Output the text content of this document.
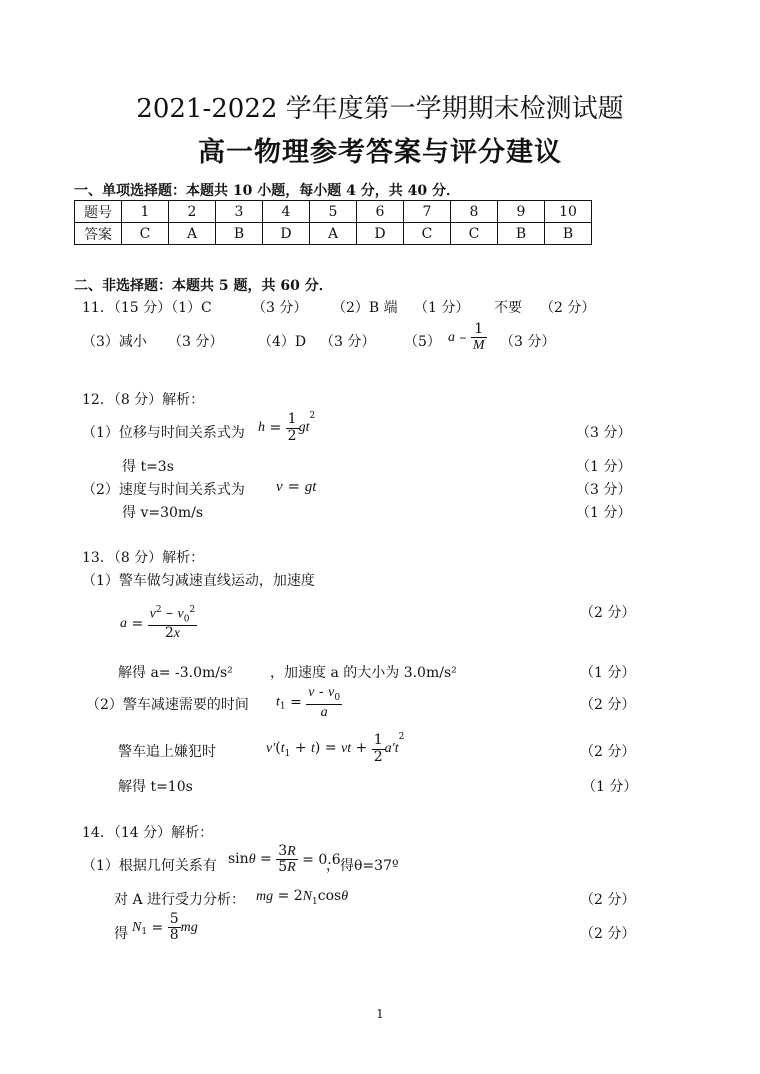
2021-2022 学年度第一学期期末检测试题
高一物理参考答案与评分建议
一、单项选择题：本题共 10 小题，每小题 4 分，共 40 分．
题号	1	2	3	4	5	6	7	8	9	10
答案	C	A	B	D	A	D	C	C	B	B
二、非选择题：本题共 5 题，共 60 分．
11．（15 分）（1）C	（3 分） （2）B 端 （1 分） 不要 （2 分）
（3）减小 （3 分） （4）D （3 分） （5） a – $\frac{1}{M} (3$ 分）
12．（8 分）解析：
（1）位移与时间关系式为 $h = \frac{1}{2} gt^2$
（3 分）
得 t=3s	（1 分）
（2）速度与时间关系式为 v = gt	（3 分）
得 v=30m/s	（1 分）
13．（8 分）解析：
（1）警车做匀减速直线运动，加速度
$a = \frac{v^2 - v_0^2}{2x}$	（2 分）
解得 a= -3.0m/s²	，加速度 a 的大小为 3.0m/s²	（1 分）
（2）警车减速需要的时间 $t_1 = \frac{v - v_0}{a}$	（2 分）
警车追上嫌犯时	$v'(t_1 + t)$ = vt + $\frac{1}{2} a't^2$
（2 分）
解得 t=10s	（1 分）
14．（14 分）解析：
（1）根据几何关系有 $\sin\theta = \frac{3R}{5R} = 0.6$
，得θ=37º
对 A 进行受力分析： mg = $2N_1\cos\theta$	（2 分）
得 $N_1 = \frac{5}{8}$ mg	（2 分）
1
